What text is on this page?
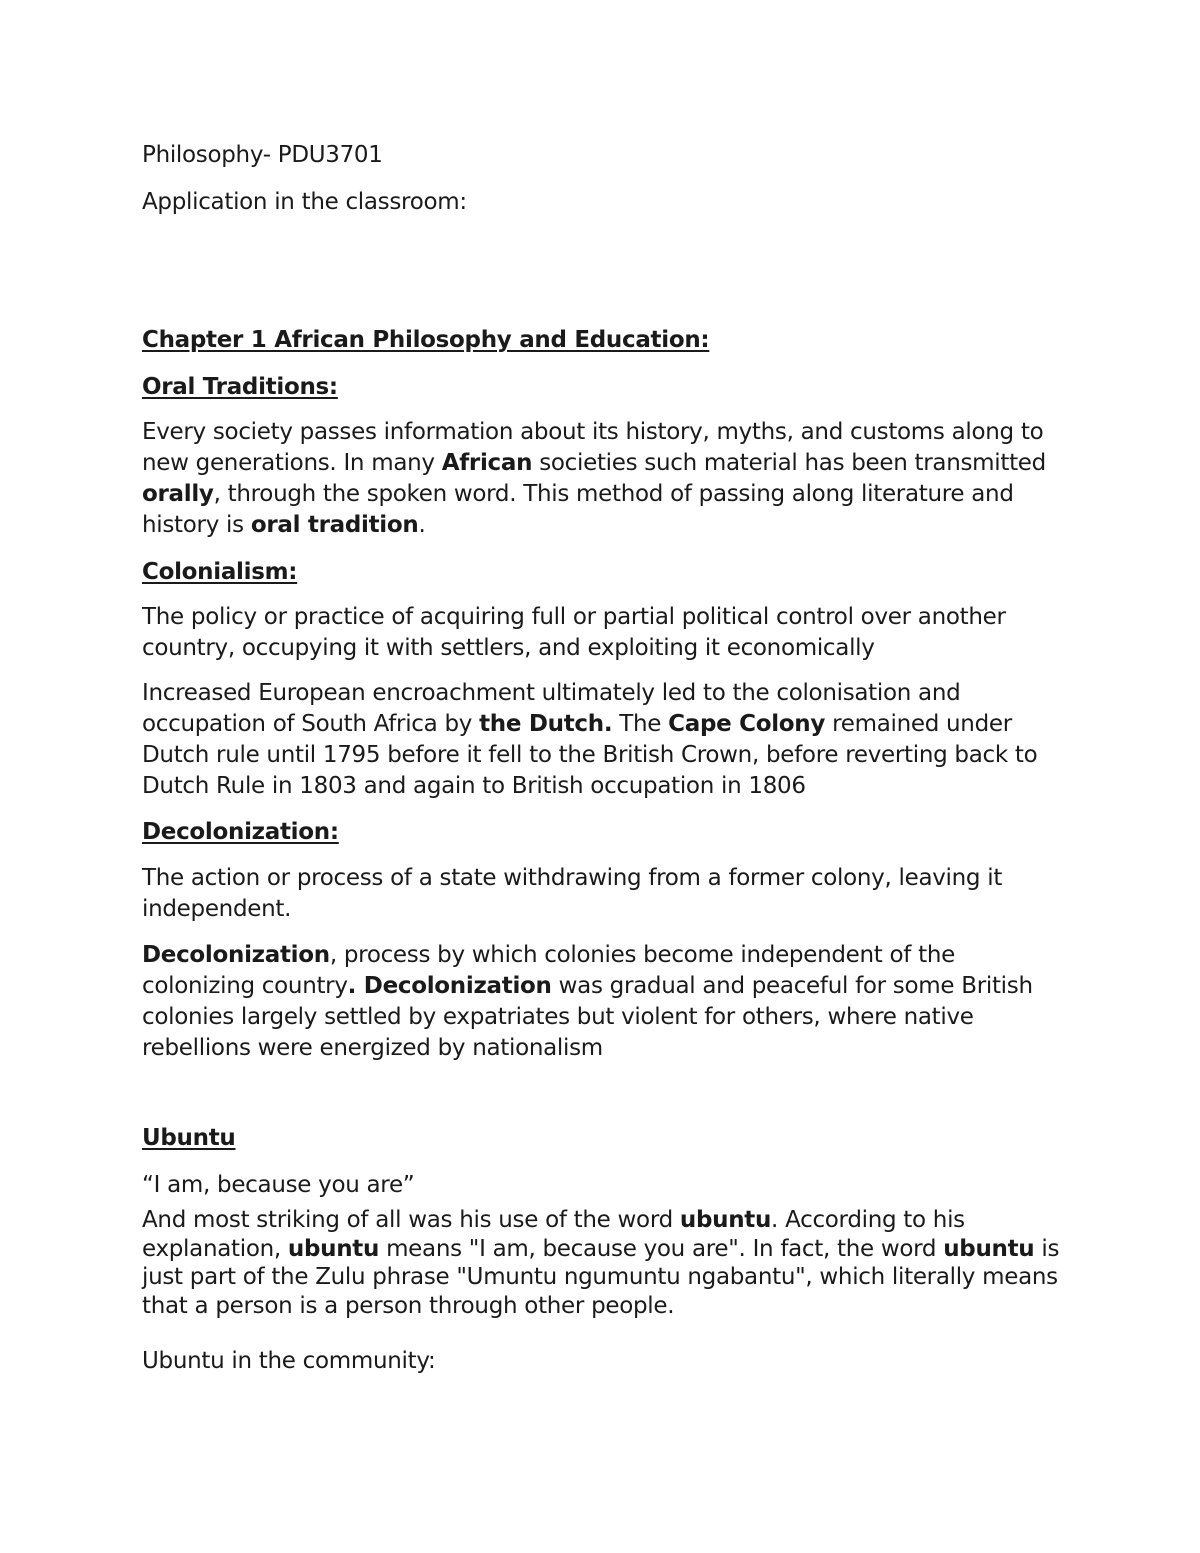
Philosophy- PDU3701
Application in the classroom:
Chapter 1 African Philosophy and Education:
Oral Traditions:
Every society passes information about its history, myths, and customs along to new generations. In many African societies such material has been transmitted orally, through the spoken word. This method of passing along literature and history is oral tradition.
Colonialism:
The policy or practice of acquiring full or partial political control over another country, occupying it with settlers, and exploiting it economically
Increased European encroachment ultimately led to the colonisation and occupation of South Africa by the Dutch. The Cape Colony remained under Dutch rule until 1795 before it fell to the British Crown, before reverting back to Dutch Rule in 1803 and again to British occupation in 1806
Decolonization:
The action or process of a state withdrawing from a former colony, leaving it independent.
Decolonization, process by which colonies become independent of the colonizing country. Decolonization was gradual and peaceful for some British colonies largely settled by expatriates but violent for others, where native rebellions were energized by nationalism
Ubuntu
“I am, because you are”
And most striking of all was his use of the word ubuntu. According to his explanation, ubuntu means "I am, because you are". In fact, the word ubuntu is just part of the Zulu phrase "Umuntu ngumuntu ngabantu", which literally means that a person is a person through other people.
Ubuntu in the community:
